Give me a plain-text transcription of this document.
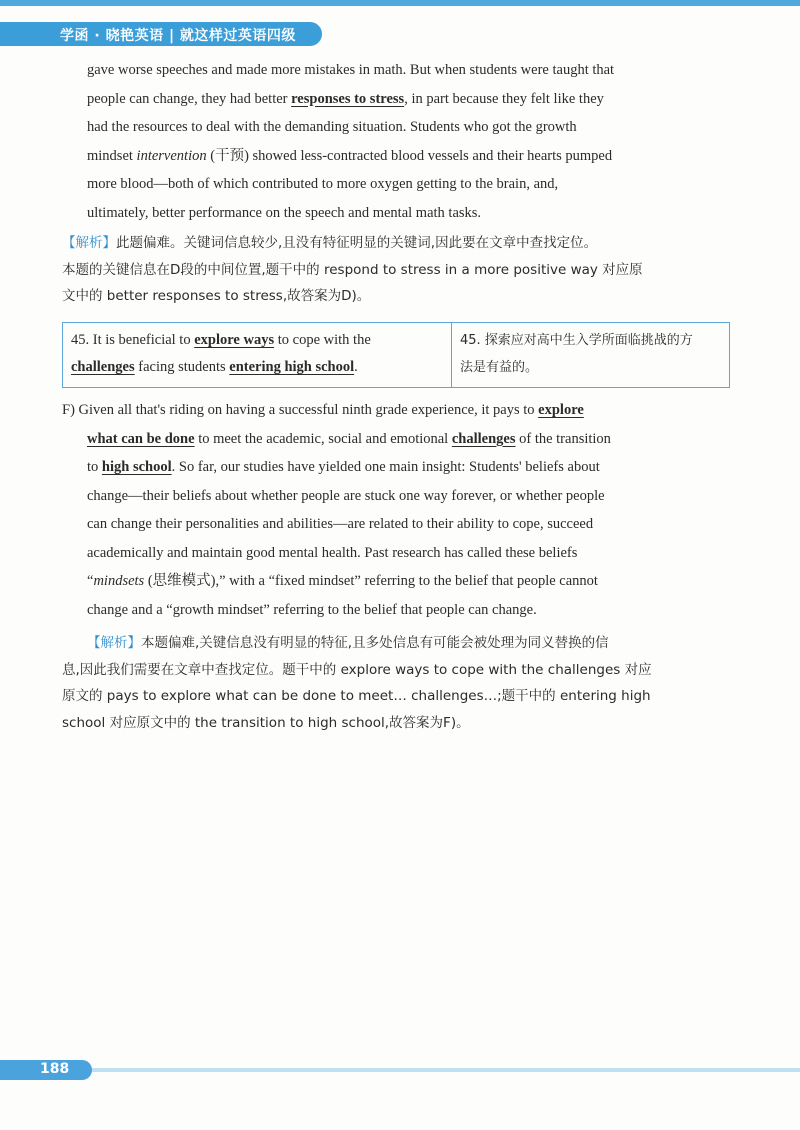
学函 · 晓艳英语 | 就这样过英语四级
gave worse speeches and made more mistakes in math. But when students were taught that
people can change, they had better responses to stress, in part because they felt like they
had the resources to deal with the demanding situation. Students who got the growth
mindset intervention (干预) showed less-contracted blood vessels and their hearts pumped
more blood—both of which contributed to more oxygen getting to the brain, and,
ultimately, better performance on the speech and mental math tasks.
【解析】此题偏难。关键词信息较少,且没有特征明显的关键词,因此要在文章中查找定位。
本题的关键信息在D段的中间位置,题干中的 respond to stress in a more positive way 对应原
文中的 better responses to stress,故答案为D)。
45. It is beneficial to explore ways to cope with the
challenges facing students entering high school.
45. 探索应对高中生入学所面临挑战的方
法是有益的。
F) Given all that's riding on having a successful ninth grade experience, it pays to explore
what can be done to meet the academic, social and emotional challenges of the transition
to high school. So far, our studies have yielded one main insight: Students' beliefs about
change—their beliefs about whether people are stuck one way forever, or whether people
can change their personalities and abilities—are related to their ability to cope, succeed
academically and maintain good mental health. Past research has called these beliefs
“mindsets (思维模式),” with a “fixed mindset” referring to the belief that people cannot
change and a “growth mindset” referring to the belief that people can change.
【解析】本题偏难,关键信息没有明显的特征,且多处信息有可能会被处理为同义替换的信
息,因此我们需要在文章中查找定位。题干中的 explore ways to cope with the challenges 对应
原文的 pays to explore what can be done to meet… challenges…;题干中的 entering high
school 对应原文中的 the transition to high school,故答案为F)。
188
